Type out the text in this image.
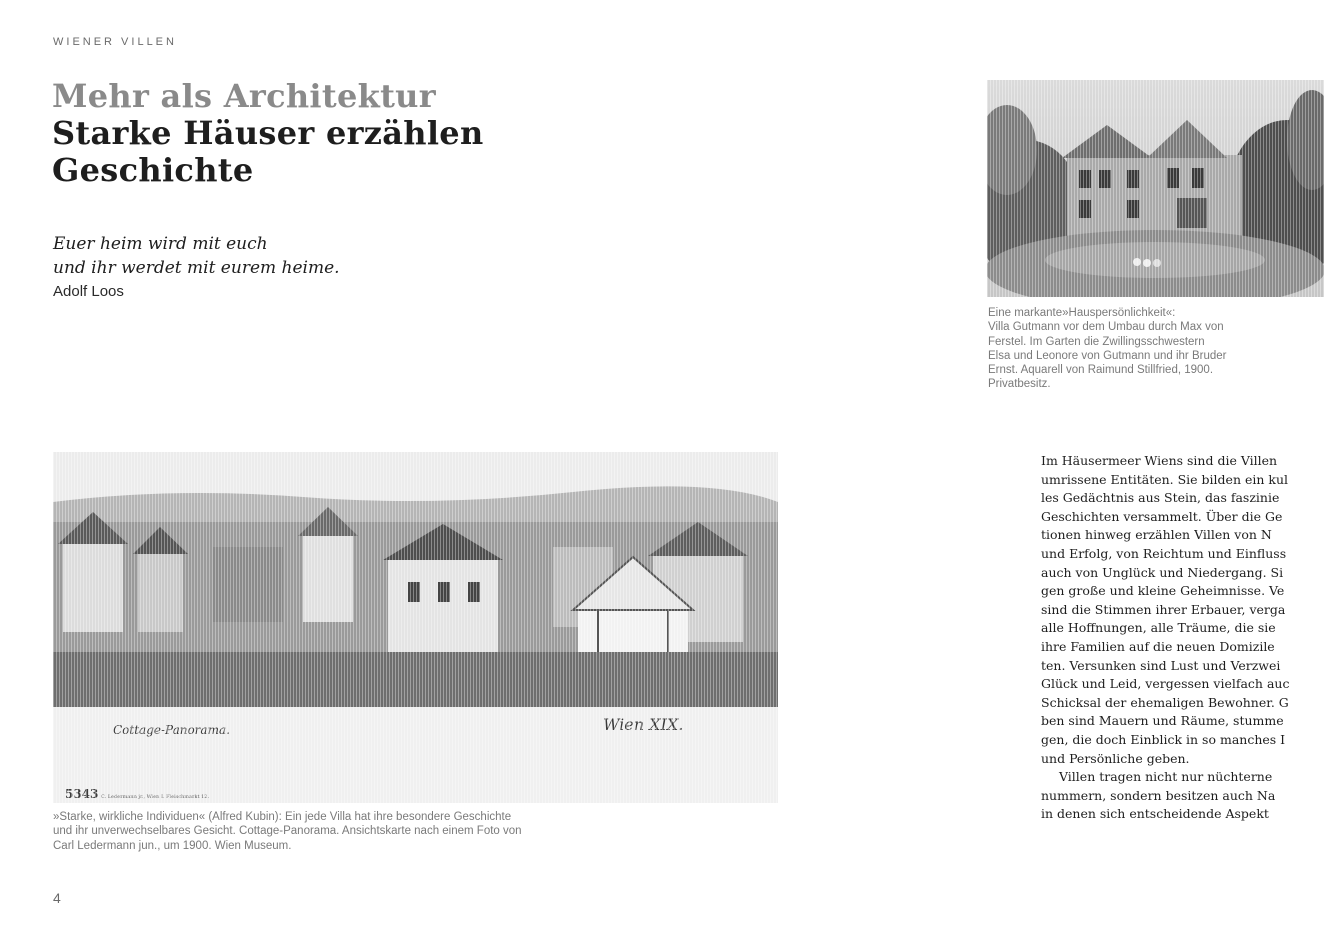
WIENER VILLEN
Mehr als Architektur
Starke Häuser erzählen
Geschichte
Euer heim wird mit euch
und ihr werdet mit eurem heime.
Adolf Loos
Eine markante»Hauspersönlichkeit«:
Villa Gutmann vor dem Umbau durch Max von
Ferstel. Im Garten die Zwillingsschwestern
Elsa und Leonore von Gutmann und ihr Bruder
Ernst. Aquarell von Raimund Stillfried, 1900.
Privatbesitz.
»Starke, wirkliche Individuen« (Alfred Kubin): Ein jede Villa hat ihre besondere Geschichte
und ihr unverwechselbares Gesicht. Cottage-Panorama. Ansichtskarte nach einem Foto von
Carl Ledermann jun., um 1900. Wien Museum.
Im Häusermeer Wiens sind die Villen
umrissene Entitäten. Sie bilden ein kul
les Gedächtnis aus Stein, das faszinie
Geschichten versammelt. Über die Ge
tionen hinweg erzählen Villen von N
und Erfolg, von Reichtum und Einfluss
auch von Unglück und Niedergang. Si
gen große und kleine Geheimnisse. Ve
sind die Stimmen ihrer Erbauer, verga
alle Hoffnungen, alle Träume, die sie
ihre Familien auf die neuen Domizile
ten. Versunken sind Lust und Verzwei
Glück und Leid, vergessen vielfach auc
Schicksal der ehemaligen Bewohner. G
ben sind Mauern und Räume, stumme
gen, die doch Einblick in so manches I
und Persönliche geben.
Villen tragen nicht nur nüchterne
nummern, sondern besitzen auch Na
in denen sich entscheidende Aspekt
4
